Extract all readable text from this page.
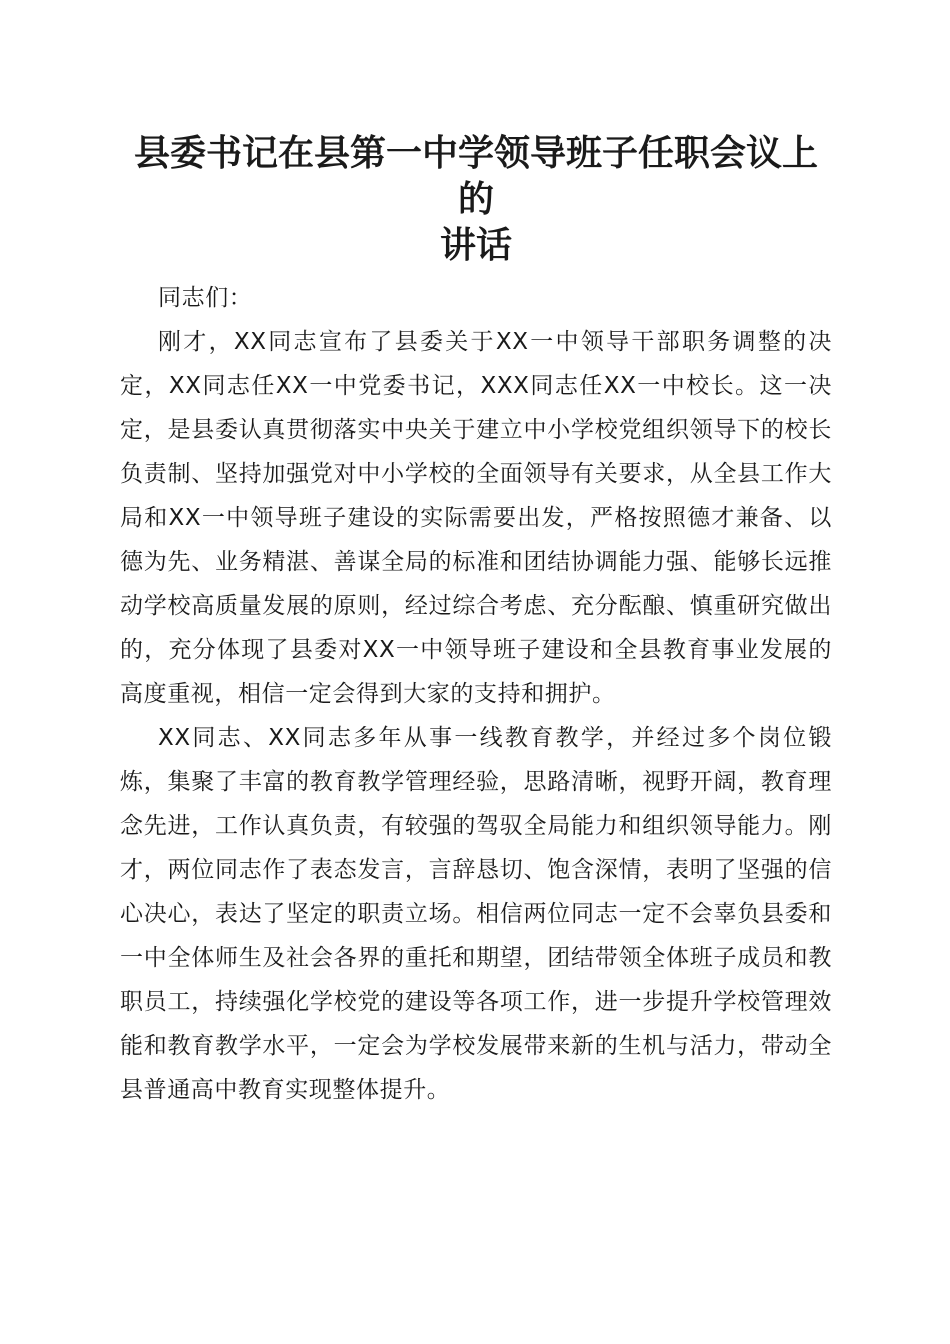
县委书记在县第一中学领导班子任职会议上的
讲话

同志们：

刚才，XX同志宣布了县委关于XX一中领导干部职务调整的决定，XX同志任XX一中党委书记，XXX同志任XX一中校长。这一决定，是县委认真贯彻落实中央关于建立中小学校党组织领导下的校长负责制、坚持加强党对中小学校的全面领导有关要求，从全县工作大局和XX一中领导班子建设的实际需要出发，严格按照德才兼备、以德为先、业务精湛、善谋全局的标准和团结协调能力强、能够长远推动学校高质量发展的原则，经过综合考虑、充分酝酿、慎重研究做出的，充分体现了县委对XX一中领导班子建设和全县教育事业发展的高度重视，相信一定会得到大家的支持和拥护。

XX同志、XX同志多年从事一线教育教学，并经过多个岗位锻炼，集聚了丰富的教育教学管理经验，思路清晰，视野开阔，教育理念先进，工作认真负责，有较强的驾驭全局能力和组织领导能力。刚才，两位同志作了表态发言，言辞恳切、饱含深情，表明了坚强的信心决心，表达了坚定的职责立场。相信两位同志一定不会辜负县委和一中全体师生及社会各界的重托和期望，团结带领全体班子成员和教职员工，持续强化学校党的建设等各项工作，进一步提升学校管理效能和教育教学水平，一定会为学校发展带来新的生机与活力，带动全县普通高中教育实现整体提升。
